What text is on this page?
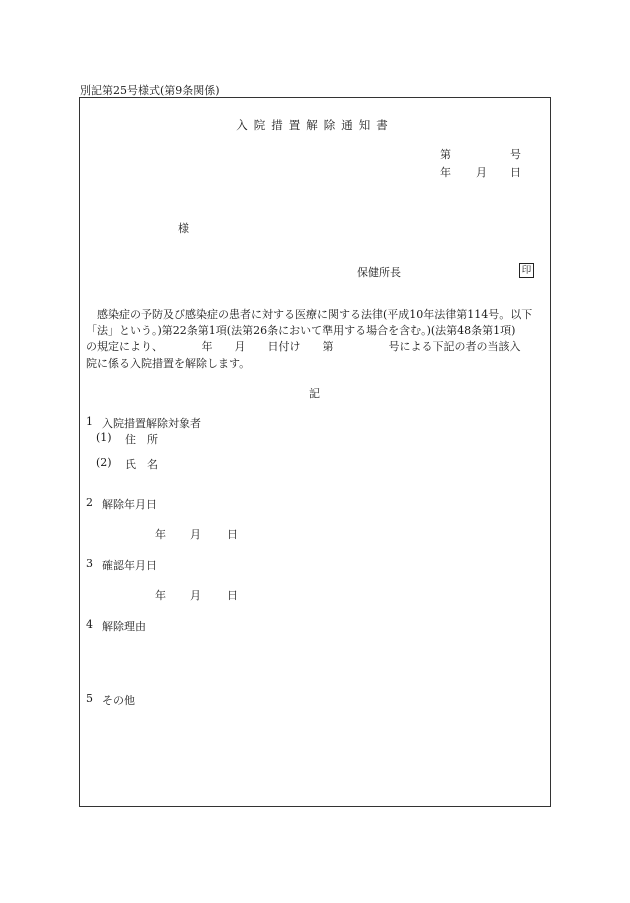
別記第25号様式(第9条関係)
入院措置解除通知書
第	号
年 月 日
様
保健所長	印
感染症の予防及び感染症の患者に対する医療に関する法律(平成10年法律第114号。以下
「法」という。)第22条第1項(法第26条において準用する場合を含む。)(法第48条第1項)
の規定により、　　　　年　　月　　日付け　　第　　　　　号による下記の者の当該入
院に係る入院措置を解除します。
記
1 入院措置解除対象者
(1) 住　所
(2) 氏　名
2 解除年月日
年 月 日
3 確認年月日
年 月 日
4 解除理由
5 その他
